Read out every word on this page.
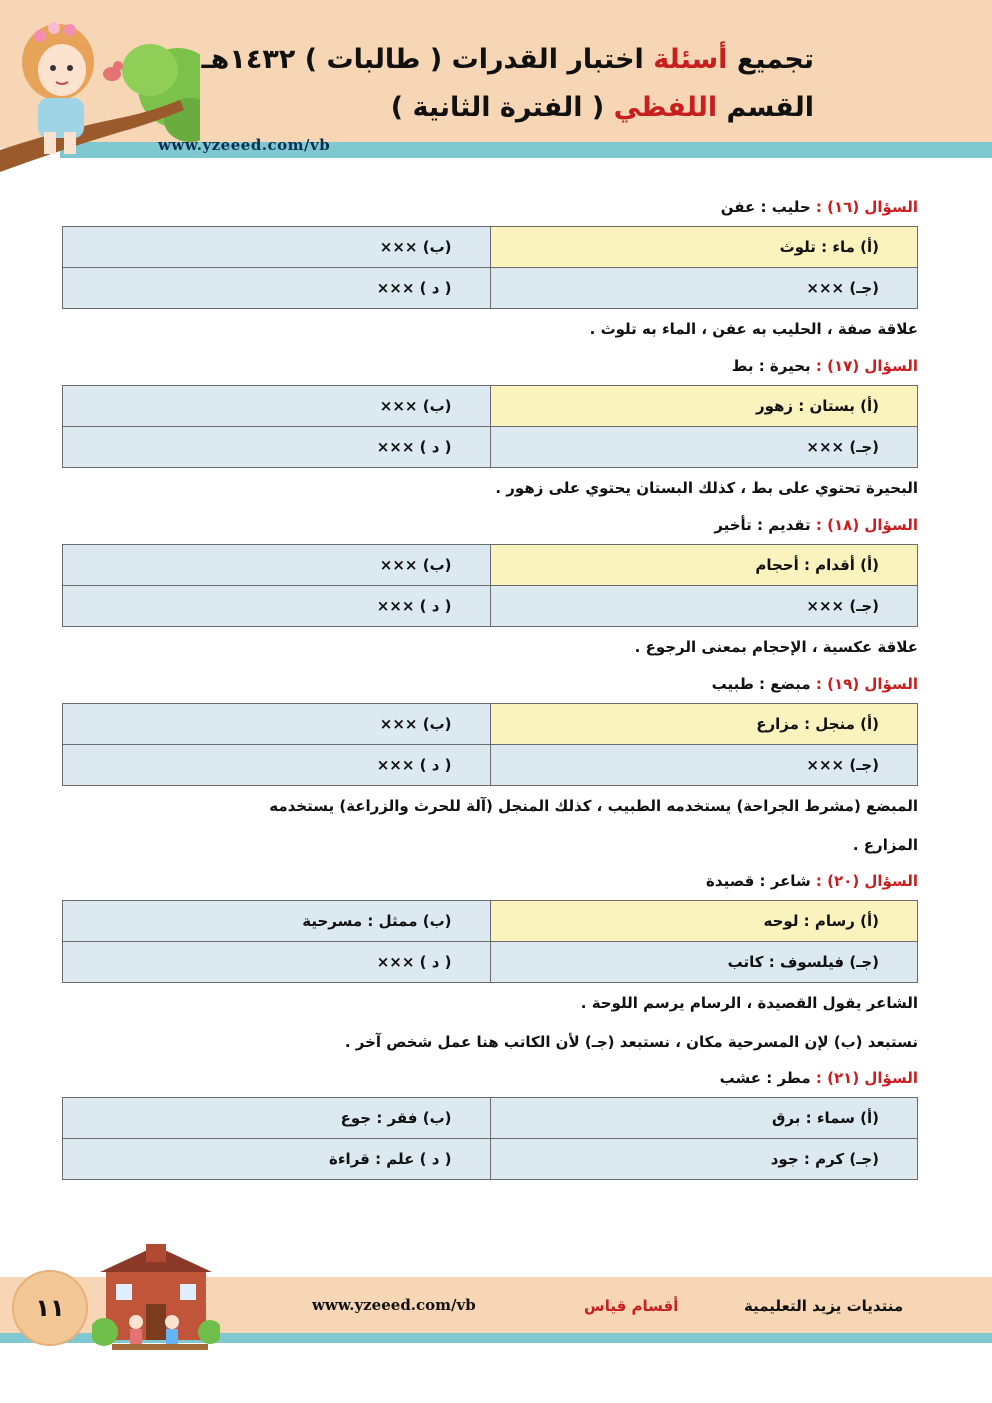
تجميع أسئلة اختبار القدرات ( طالبات ) ١٤٣٢هـ
القسم اللفظي ( الفترة الثانية )
www.yzeeed.com/vb
السؤال (١٦) : حليب : عفن
(أ) ماء : تلوث	(ب) ×××
(جـ) ×××	( د ) ×××
علاقة صفة ، الحليب به عفن ، الماء به تلوث .
السؤال (١٧) : بحيرة : بط
(أ) بستان : زهور	(ب) ×××
(جـ) ×××	( د ) ×××
البحيرة تحتوي على بط ، كذلك البستان يحتوي على زهور .
السؤال (١٨) : تقديم : تأخير
(أ) أقدام : أحجام	(ب) ×××
(جـ) ×××	( د ) ×××
علاقة عكسية ، الإحجام بمعنى الرجوع .
السؤال (١٩) : مبضع : طبيب
(أ) منجل : مزارع	(ب) ×××
(جـ) ×××	( د ) ×××
المبضع (مشرط الجراحة) يستخدمه الطبيب ، كذلك المنجل (آلة للحرث والزراعة) يستخدمه
المزارع .
السؤال (٢٠) : شاعر : قصيدة
(أ) رسام : لوحه	(ب) ممثل : مسرحية
(جـ) فيلسوف : كاتب	( د ) ×××
الشاعر يقول القصيدة ، الرسام يرسم اللوحة .
نستبعد (ب) لإن المسرحية مكان ، نستبعد (جـ) لأن الكاتب هنا عمل شخص آخر .
السؤال (٢١) : مطر : عشب
(أ) سماء : برق	(ب) فقر : جوع
(جـ) كرم : جود	( د ) علم : قراءة
١١	www.yzeeed.com/vb	أقسام قياس	منتديات يزيد التعليمية
